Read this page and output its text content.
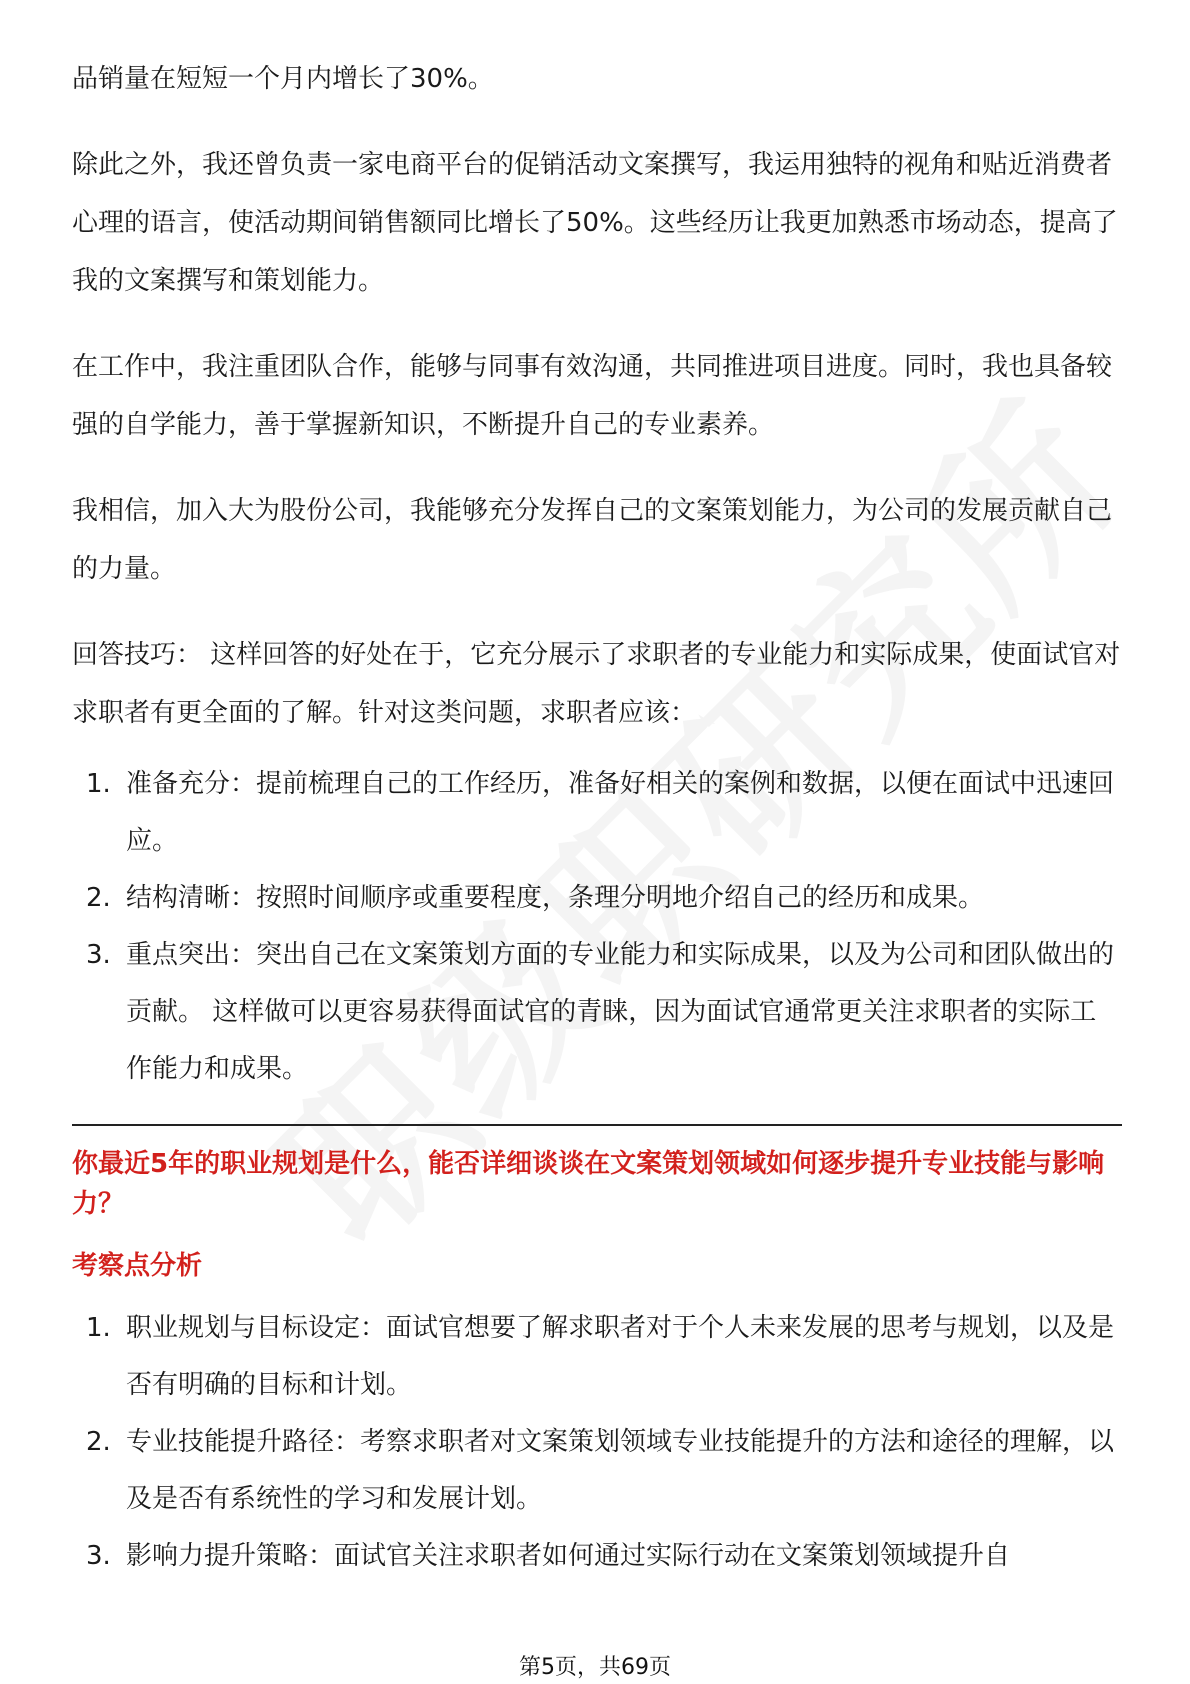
品销量在短短一个月内增长了30%。

除此之外，我还曾负责一家电商平台的促销活动文案撰写，我运用独特的视角和贴近消费者心理的语言，使活动期间销售额同比增长了50%。这些经历让我更加熟悉市场动态，提高了我的文案撰写和策划能力。

在工作中，我注重团队合作，能够与同事有效沟通，共同推进项目进度。同时，我也具备较强的自学能力，善于掌握新知识，不断提升自己的专业素养。

我相信，加入大为股份公司，我能够充分发挥自己的文案策划能力，为公司的发展贡献自己的力量。

回答技巧： 这样回答的好处在于，它充分展示了求职者的专业能力和实际成果，使面试官对求职者有更全面的了解。针对这类问题，求职者应该：

1. 准备充分：提前梳理自己的工作经历，准备好相关的案例和数据，以便在面试中迅速回应。
2. 结构清晰：按照时间顺序或重要程度，条理分明地介绍自己的经历和成果。
3. 重点突出：突出自己在文案策划方面的专业能力和实际成果，以及为公司和团队做出的贡献。 这样做可以更容易获得面试官的青睐，因为面试官通常更关注求职者的实际工作能力和成果。

你最近5年的职业规划是什么，能否详细谈谈在文案策划领域如何逐步提升专业技能与影响力？

考察点分析

1. 职业规划与目标设定：面试官想要了解求职者对于个人未来发展的思考与规划，以及是否有明确的目标和计划。
2. 专业技能提升路径：考察求职者对文案策划领域专业技能提升的方法和途径的理解，以及是否有系统性的学习和发展计划。
3. 影响力提升策略：面试官关注求职者如何通过实际行动在文案策划领域提升自
第5页，共69页
